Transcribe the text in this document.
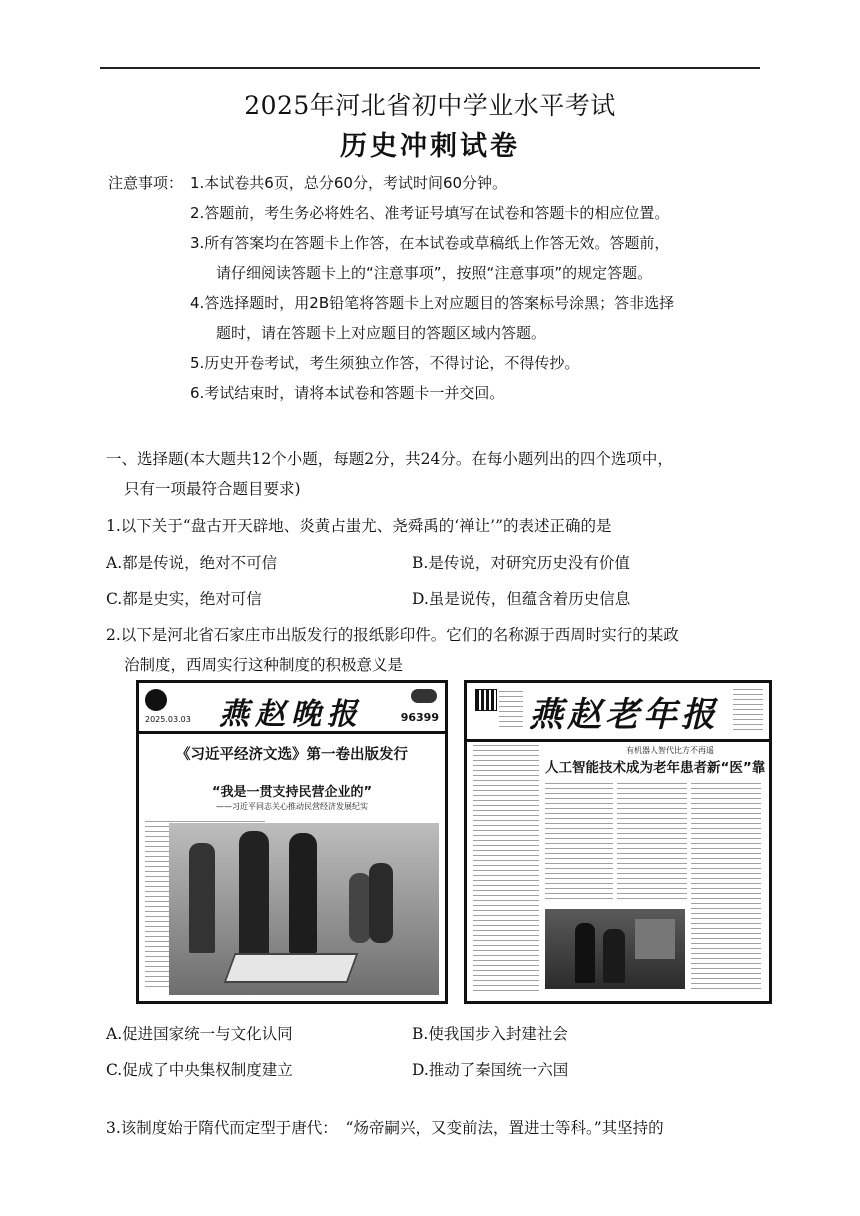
2025年河北省初中学业水平考试
历史冲刺试卷
注意事项： 1.本试卷共6页，总分60分，考试时间60分钟。
2.答题前，考生务必将姓名、准考证号填写在试卷和答题卡的相应位置。
3.所有答案均在答题卡上作答，在本试卷或草稿纸上作答无效。答题前，
请仔细阅读答题卡上的“注意事项”，按照“注意事项”的规定答题。
4.答选择题时，用2B铅笔将答题卡上对应题目的答案标号涂黑；答非选择
题时，请在答题卡上对应题目的答题区域内答题。
5.历史开卷考试，考生须独立作答，不得讨论，不得传抄。
6.考试结束时，请将本试卷和答题卡一并交回。
一、选择题(本大题共12个小题，每题2分，共24分。在每小题列出的四个选项中，
只有一项最符合题目要求)
1.以下关于“盘古开天辟地、炎黄占蚩尤、尧舜禹的‘禅让’”的表述正确的是
A.都是传说，绝对不可信	B.是传说，对研究历史没有价值
C.都是史实，绝对可信	D.虽是说传，但蕴含着历史信息
2.以下是河北省石家庄市出版发行的报纸影印件。它们的名称源于西周时实行的某政
治制度，西周实行这种制度的积极意义是
2025.03.03 燕赵晚报	96399
《习近平经济文选》第一卷出版发行
“我是一贯支持民营企业的”
——习近平同志关心推动民营经济发展纪实
燕赵老年报
有机器人智代比方不再遥
人工智能技术成为老年患者新“医”靠
A.促进国家统一与文化认同	B.使我国步入封建社会
C.促成了中央集权制度建立	D.推动了秦国统一六国
3.该制度始于隋代而定型于唐代：　“炀帝嗣兴，又变前法，置进士等科。”其坚持的
